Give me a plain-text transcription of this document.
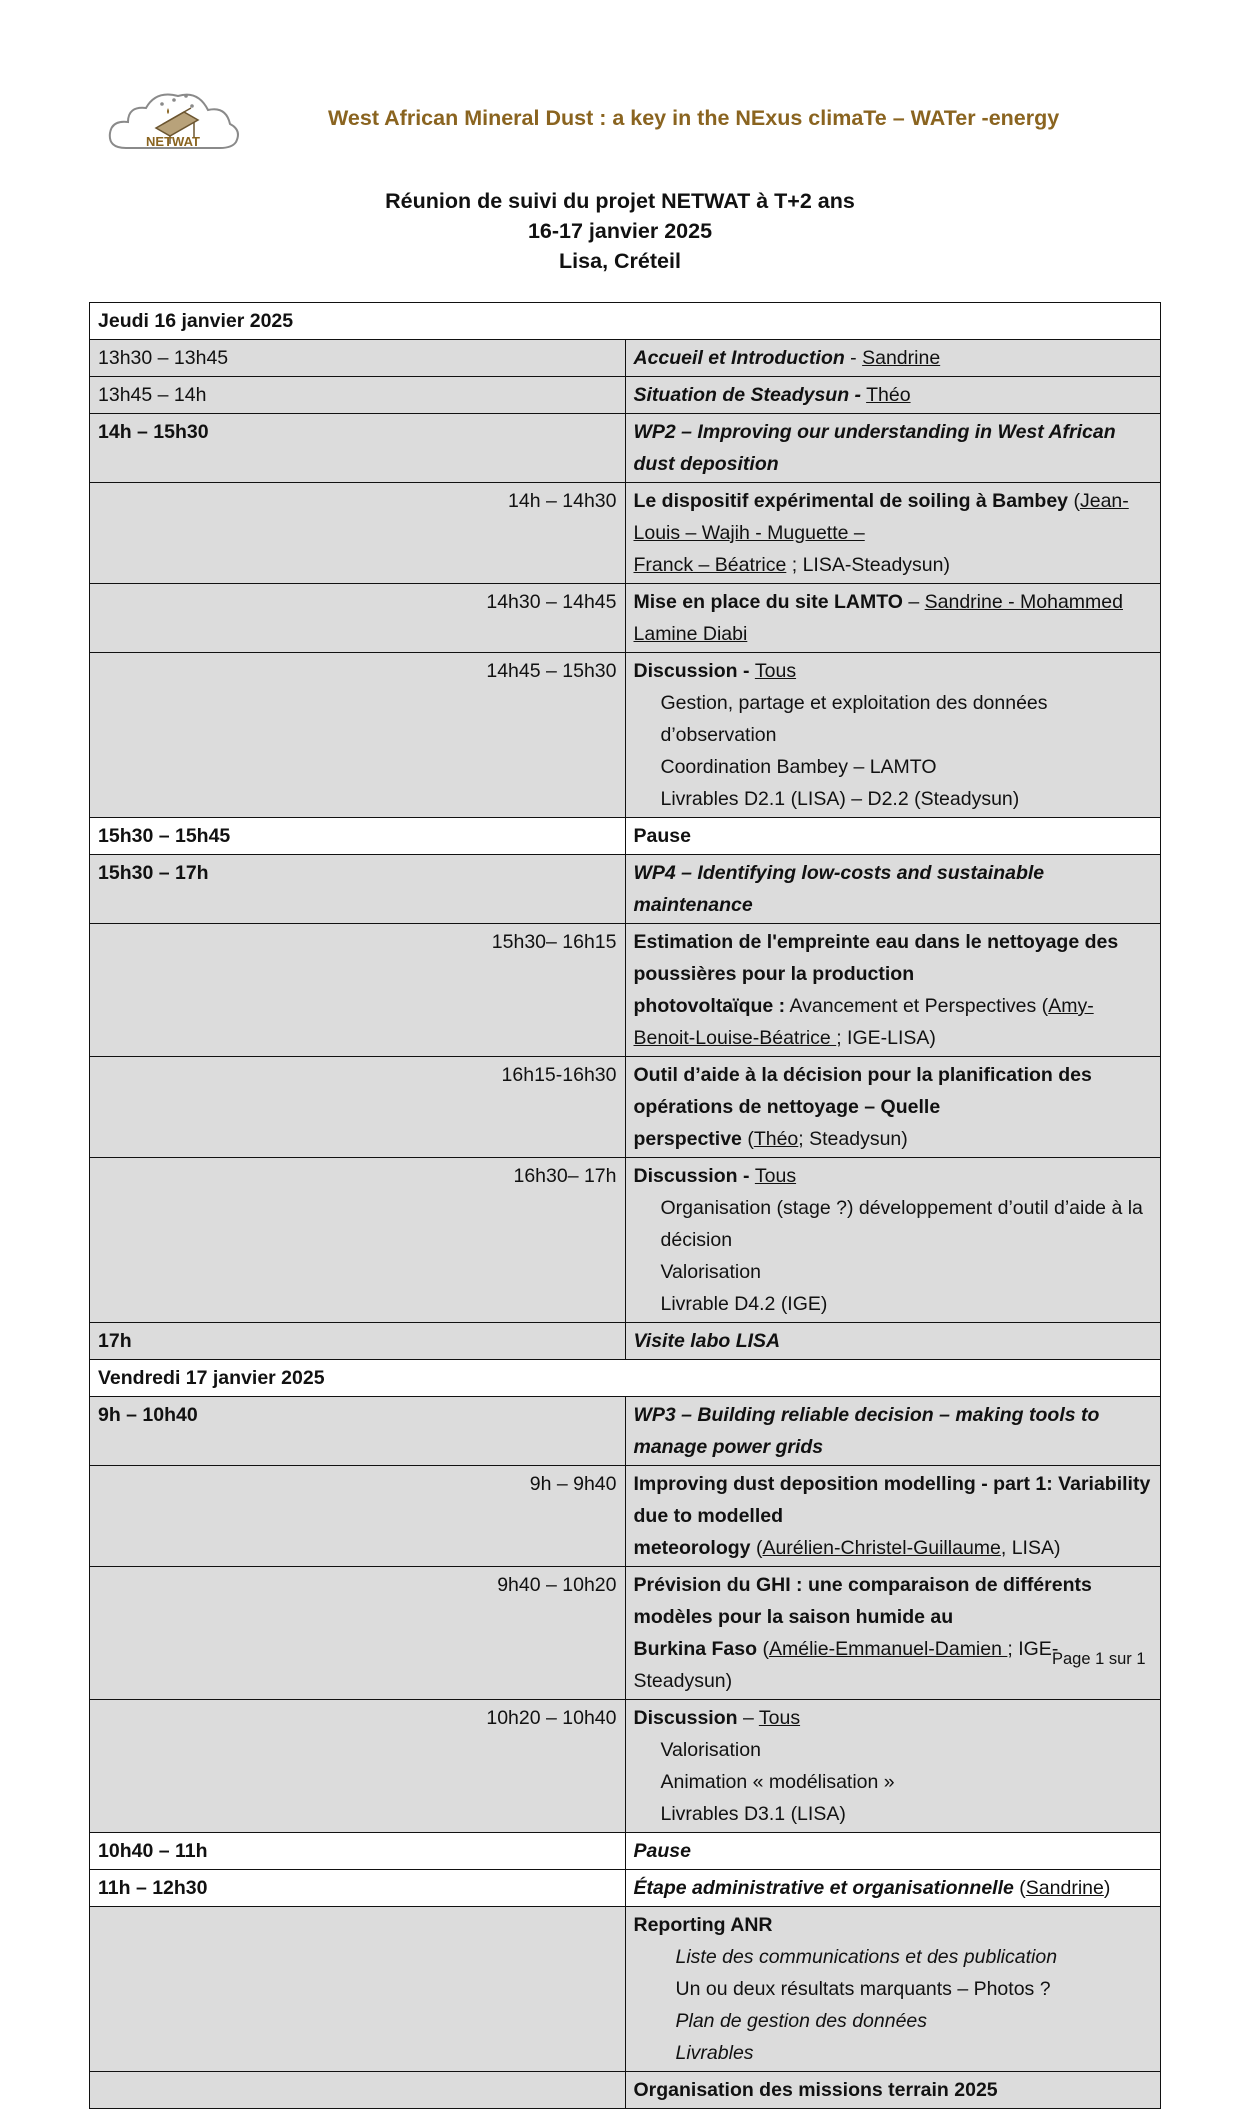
NETWAT
West African Mineral Dust : a key in the NExus climaTe – WATer -energy
Réunion de suivi du projet NETWAT à T+2 ans
16-17 janvier 2025
Lisa, Créteil
Jeudi 16 janvier 2025	
13h30 – 13h45	Accueil et Introduction - Sandrine
13h45 – 14h	Situation de Steadysun - Théo
14h – 15h30	WP2 – Improving our understanding in West African dust deposition
14h – 14h30	Le dispositif expérimental de soiling à Bambey (Jean-Louis – Wajih - Muguette –
Franck – Béatrice ; LISA-Steadysun)
14h30 – 14h45	Mise en place du site LAMTO – Sandrine - Mohammed Lamine Diabi
14h45 – 15h30	Discussion - Tous
Gestion, partage et exploitation des données d’observation
Coordination Bambey – LAMTO
Livrables D2.1 (LISA) – D2.2 (Steadysun)

15h30 – 15h45	Pause
15h30 – 17h	WP4 – Identifying low-costs and sustainable maintenance
15h30– 16h15	Estimation de l'empreinte eau dans le nettoyage des poussières pour la production
photovoltaïque : Avancement et Perspectives (Amy-Benoit-Louise-Béatrice ; IGE-LISA)
16h15-16h30	Outil d’aide à la décision pour la planification des opérations de nettoyage – Quelle
perspective (Théo; Steadysun)
16h30– 17h	Discussion - Tous
Organisation (stage ?) développement d’outil d’aide à la décision
Valorisation
Livrable D4.2 (IGE)

17h	Visite labo LISA
Vendredi 17 janvier 2025	
9h – 10h40	WP3 – Building reliable decision – making tools to manage power grids
9h – 9h40	Improving dust deposition modelling - part 1: Variability due to modelled
meteorology (Aurélien-Christel-Guillaume, LISA)
9h40 – 10h20	Prévision du GHI : une comparaison de différents modèles pour la saison humide au
Burkina Faso (Amélie-Emmanuel-Damien ; IGE-Steadysun)
10h20 – 10h40	Discussion – Tous
Valorisation
Animation « modélisation »
Livrables D3.1 (LISA)

10h40 – 11h	Pause
11h – 12h30	Étape administrative et organisationnelle (Sandrine)

	Reporting ANR
Liste des communications et des publication
Un ou deux résultats marquants – Photos ?
Plan de gestion des données
Livrables

	Organisation des missions terrain 2025
Page 1 sur 1
